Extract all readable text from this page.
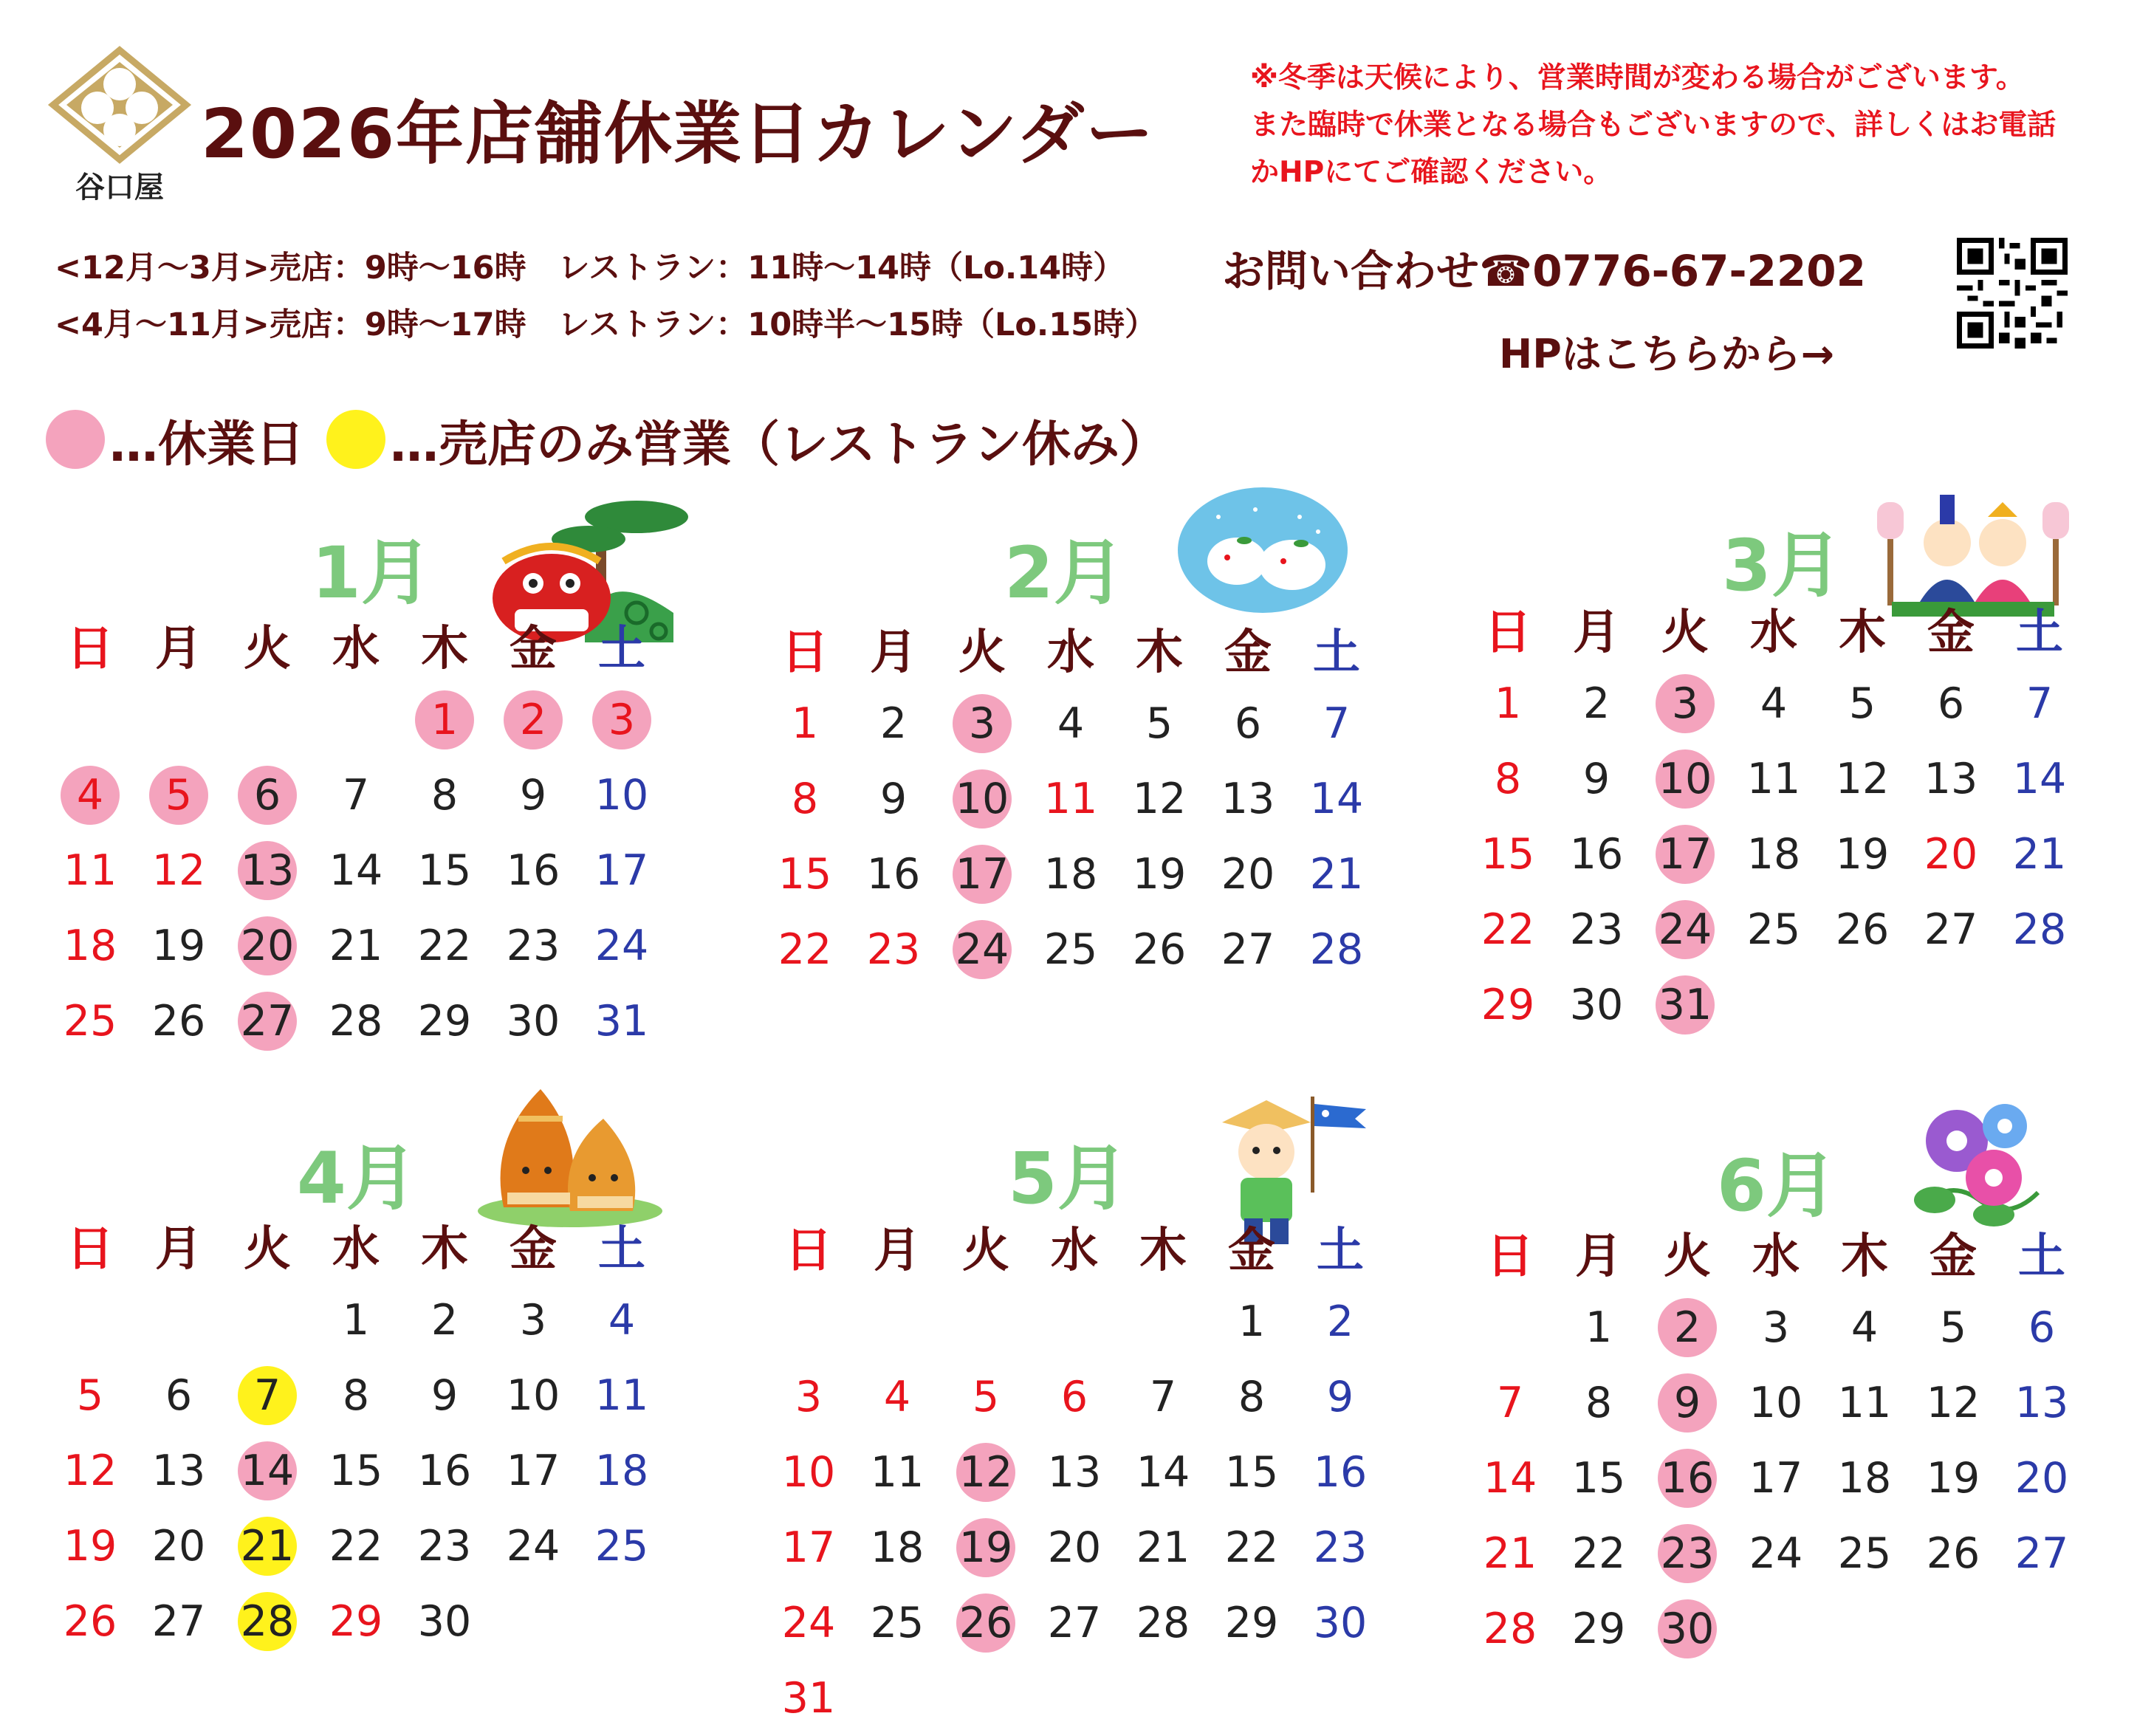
谷口屋
2026年店舗休業日カレンダー
※冬季は天候により、営業時間が変わる場合がございます。
また臨時で休業となる場合もございますので、詳しくはお電話
かHPにてご確認ください。
<12月～3月>売店：9時～16時　レストラン：11時～14時（Lo.14時）
<4月～11月>売店：9時～17時　レストラン：10時半～15時（Lo.15時）
お問い合わせ☎0776-67-2202
HPはこちらから→
…休業日 …売店のみ営業（レストラン休み）
1月
日 月 火 水 木 金 土
1 2 3
4 5 6 7 8 9 10
11 12 13 14 15 16 17
18 19 20 21 22 23 24
25 26 27 28 29 30 31
2月
日 月 火 水 木 金 土
1 2 3 4 5 6 7
8 9 10 11 12 13 14
15 16 17 18 19 20 21
22 23 24 25 26 27 28
3月
日 月 火 水 木 金 土
1 2 3 4 5 6 7
8 9 10 11 12 13 14
15 16 17 18 19 20 21
22 23 24 25 26 27 28
29 30 31
4月
日 月 火 水 木 金 土
1 2 3 4
5 6 7 8 9 10 11
12 13 14 15 16 17 18
19 20 21 22 23 24 25
26 27 28 29 30
5月
日 月 火 水 木 金 土
1 2
3 4 5 6 7 8 9
10 11 12 13 14 15 16
17 18 19 20 21 22 23
24 25 26 27 28 29 30
31
6月
日 月 火 水 木 金 土
1 2 3 4 5 6
7 8 9 10 11 12 13
14 15 16 17 18 19 20
21 22 23 24 25 26 27
28 29 30
